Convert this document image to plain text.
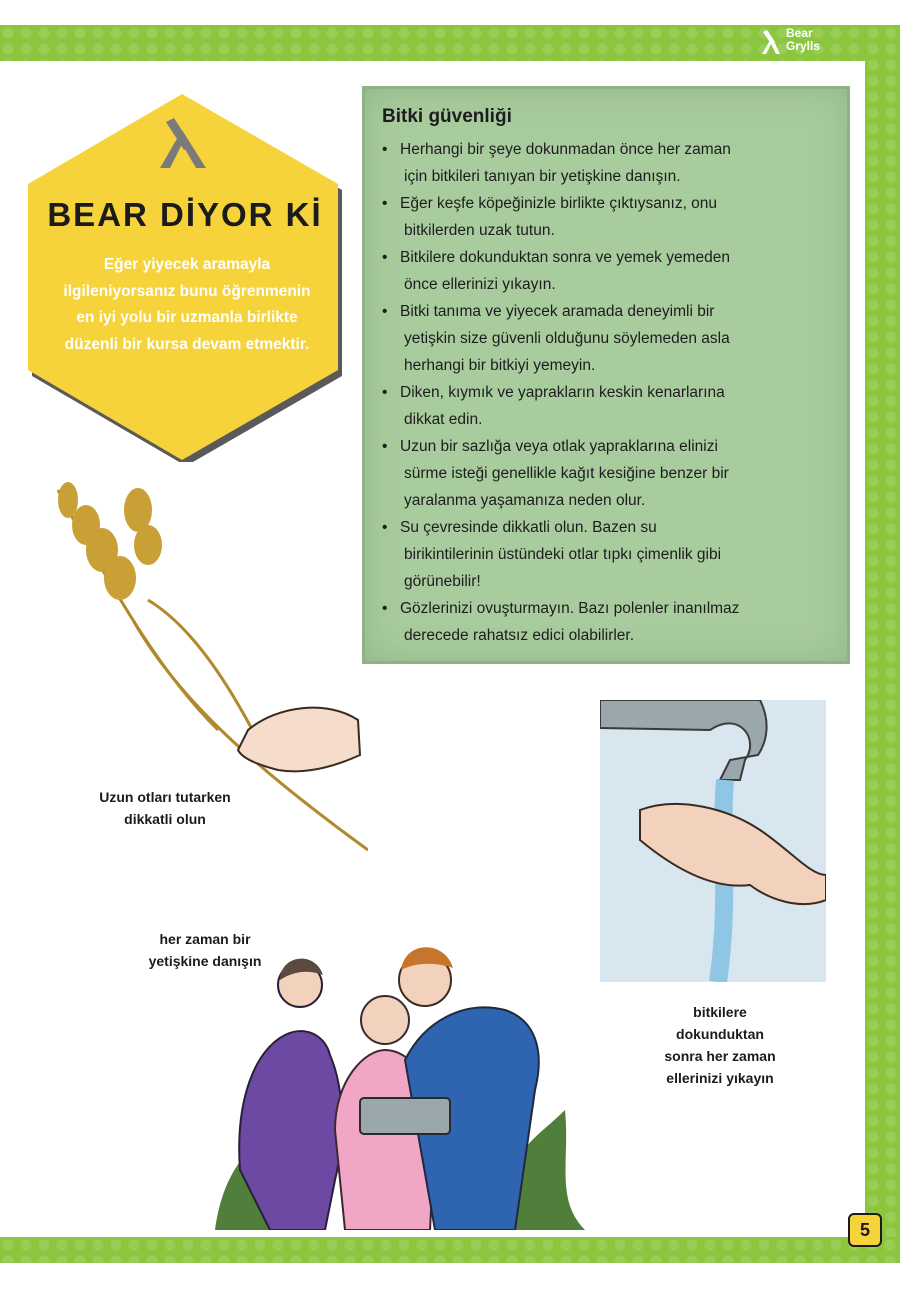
Bear
Grylls
BEAR DİYOR Kİ
Eğer yiyecek aramayla ilgileniyorsanız bunu öğrenmenin en iyi yolu bir uzmanla birlikte düzenli bir kursa devam etmektir.
Bitki güvenliği
• Herhangi bir şeye dokunmadan önce her zaman
için bitkileri tanıyan bir yetişkine danışın.
• Eğer keşfe köpeğinizle birlikte çıktıysanız, onu
bitkilerden uzak tutun.
• Bitkilere dokunduktan sonra ve yemek yemeden
önce ellerinizi yıkayın.
• Bitki tanıma ve yiyecek aramada deneyimli bir
yetişkin size güvenli olduğunu söylemeden asla
herhangi bir bitkiyi yemeyin.
• Diken, kıymık ve yaprakların keskin kenarlarına
dikkat edin.
• Uzun bir sazlığa veya otlak yapraklarına elinizi
sürme isteği genellikle kağıt kesiğine benzer bir
yaralanma yaşamanıza neden olur.
• Su çevresinde dikkatli olun. Bazen su
birikintilerinin üstündeki otlar tıpkı çimenlik gibi
görünebilir!
• Gözlerinizi ovuşturmayın. Bazı polenler inanılmaz
derecede rahatsız edici olabilirler.
Uzun otları tutarken
dikkatli olun
bitkilere
dokunduktan
sonra her zaman
ellerinizi yıkayın
her zaman bir
yetişkine danışın
5
